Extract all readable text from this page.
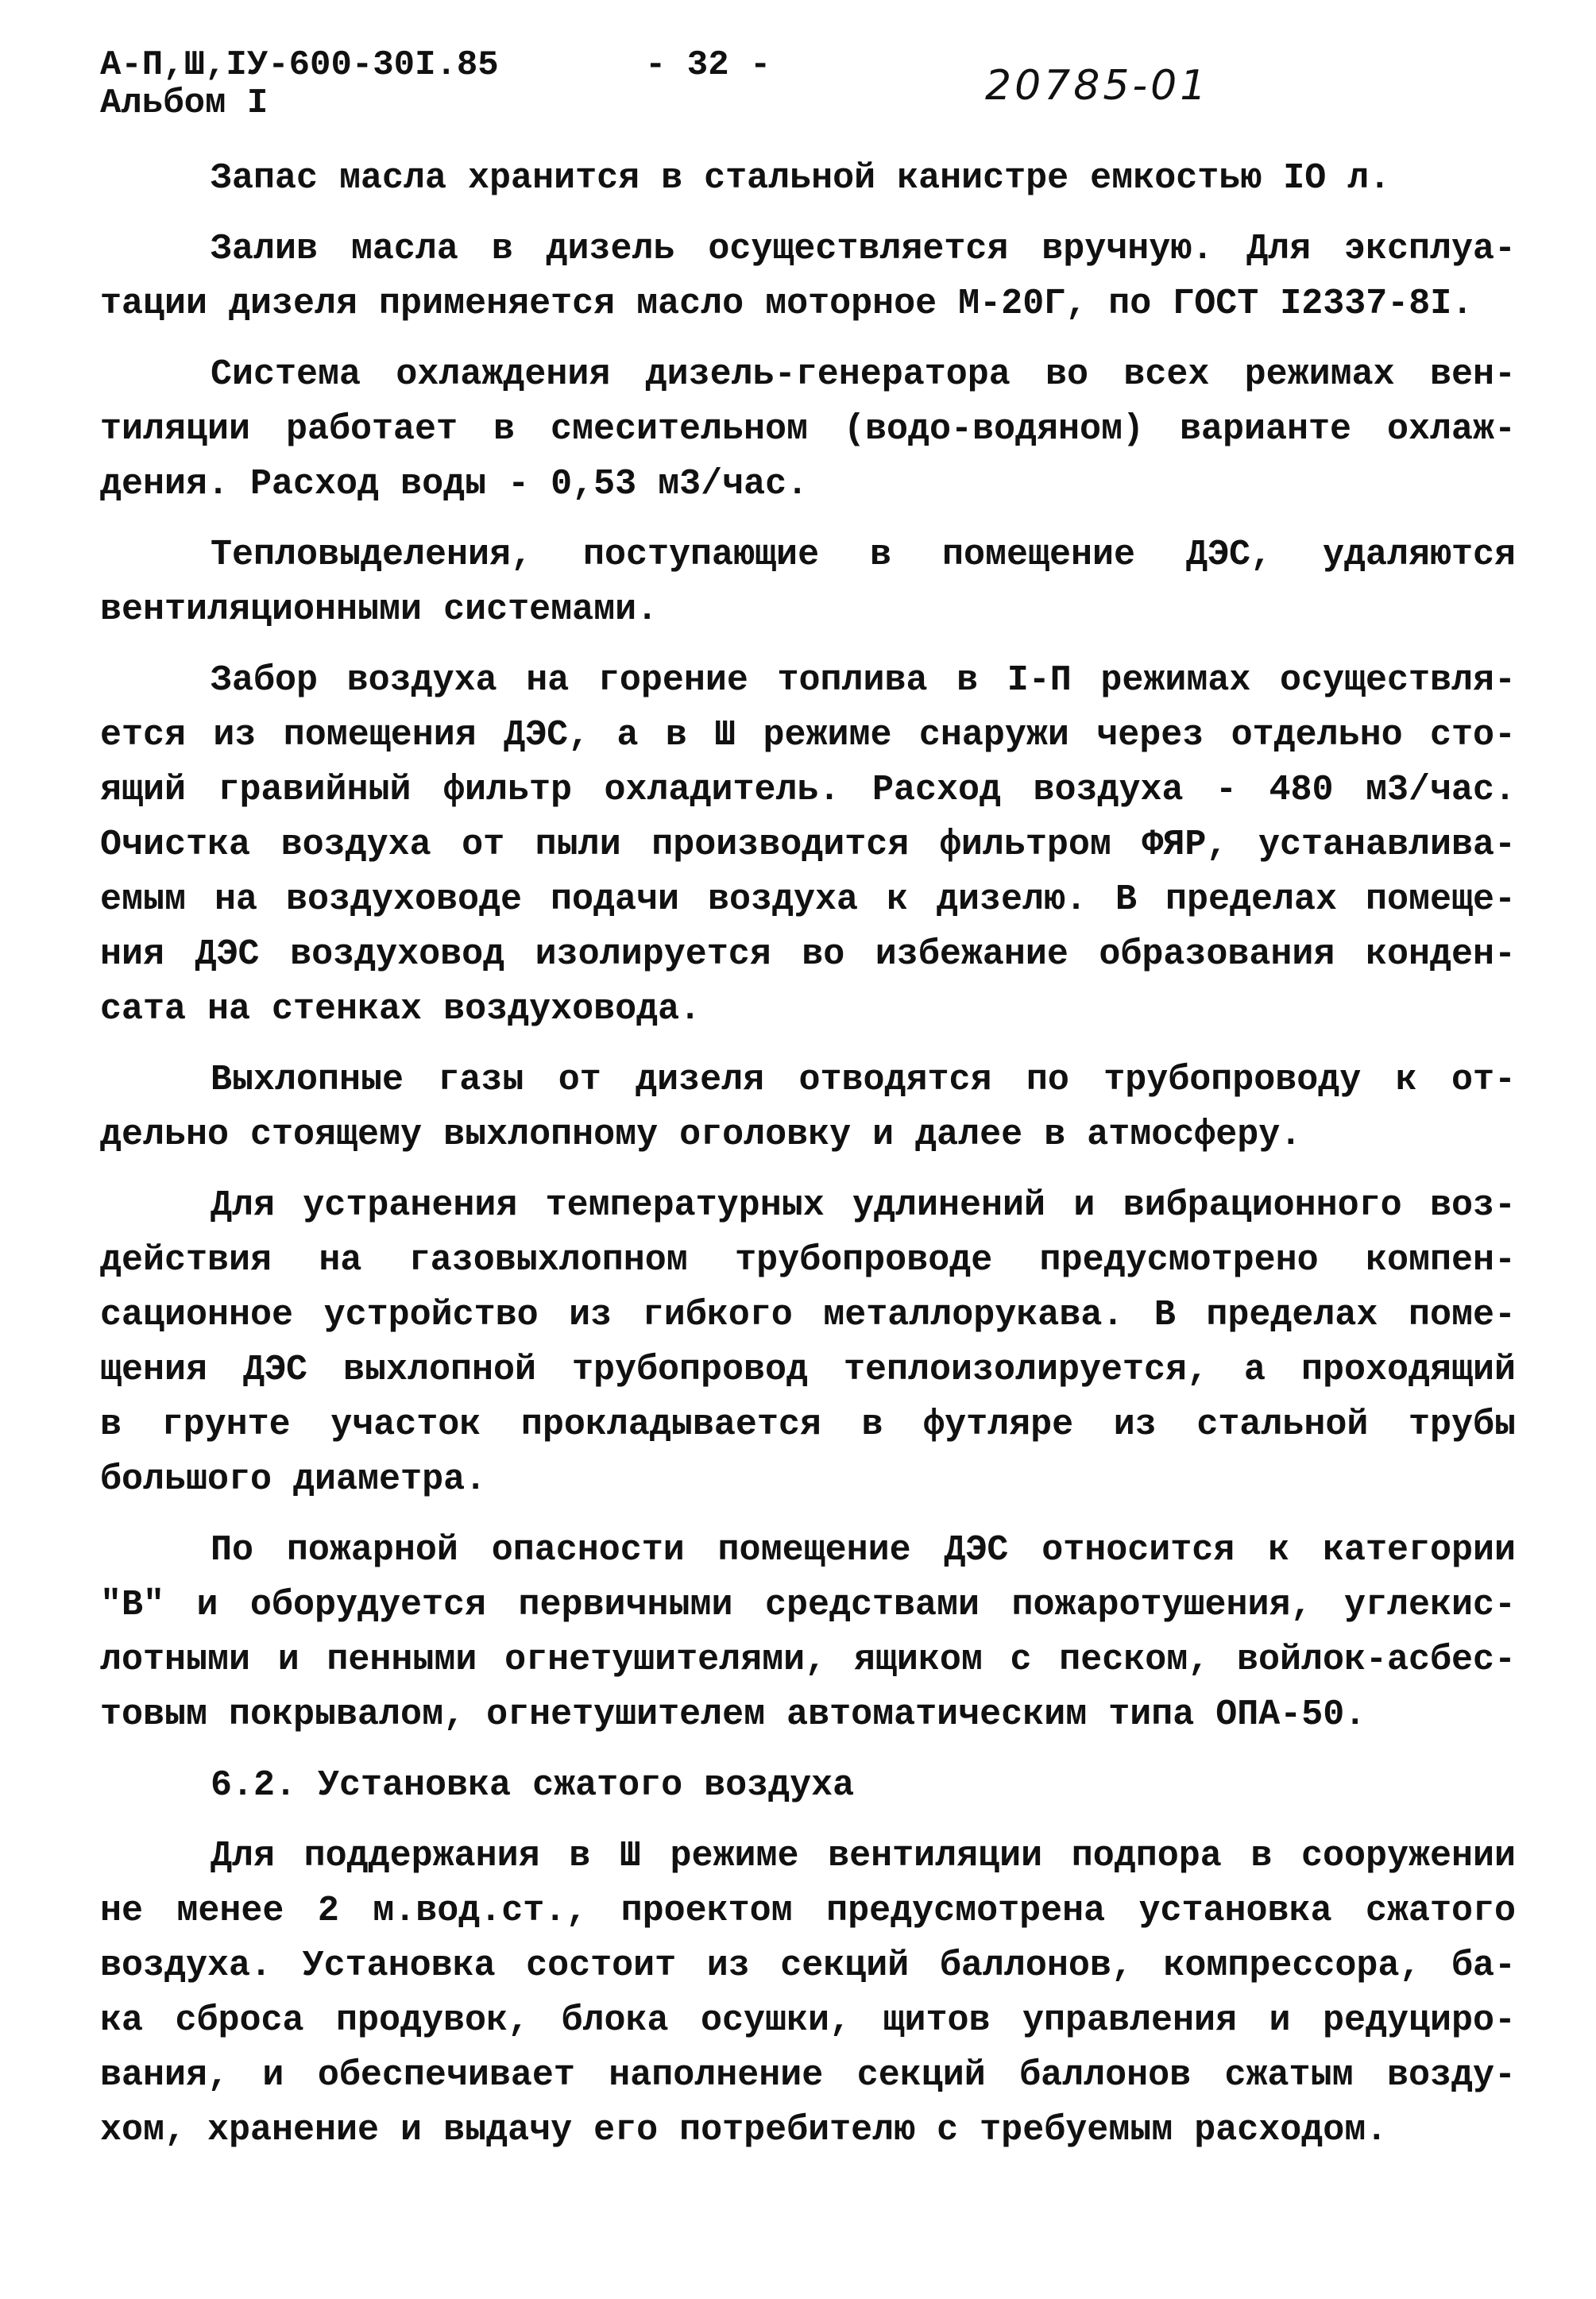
А-П,Ш,IУ-600-30I.85
Альбом I
- 32 -	20785-01
Запас масла хранится в стальной канистре емкостью IO л.
Залив масла в дизель осуществляется вручную. Для эксплуа-
тации дизеля применяется масло моторное М-20Г, по ГОСТ I2337-8I.
Система охлаждения дизель-генератора во всех режимах вен-
тиляции работает в смесительном (водо-водяном) варианте охлаж-
дения. Расход воды - 0,53 м3/час.
Тепловыделения, поступающие в помещение ДЭС, удаляются
вентиляционными системами.
Забор воздуха на горение топлива в I-П режимах осуществля-
ется из помещения ДЭС, а в Ш режиме снаружи через отдельно сто-
ящий гравийный фильтр охладитель. Расход воздуха - 480 м3/час.
Очистка воздуха от пыли производится фильтром ФЯР, устанавлива-
емым на воздуховоде подачи воздуха к дизелю. В пределах помеще-
ния ДЭС воздуховод изолируется во избежание образования конден-
сата на стенках воздуховода.
Выхлопные газы от дизеля отводятся по трубопроводу к от-
дельно стоящему выхлопному оголовку и далее в атмосферу.
Для устранения температурных удлинений и вибрационного воз-
действия на газовыхлопном трубопроводе предусмотрено компен-
сационное устройство из гибкого металлорукава. В пределах поме-
щения ДЭС выхлопной трубопровод теплоизолируется, а проходящий
в грунте участок прокладывается в футляре из стальной трубы
большого диаметра.
По пожарной опасности помещение ДЭС относится к категории
"В" и оборудуется первичными средствами пожаротушения, углекис-
лотными и пенными огнетушителями, ящиком с песком, войлок-асбес-
товым покрывалом, огнетушителем автоматическим типа ОПА-50.
6.2. Установка сжатого воздуха
Для поддержания в Ш режиме вентиляции подпора в сооружении
не менее 2 м.вод.ст., проектом предусмотрена установка сжатого
воздуха. Установка состоит из секций баллонов, компрессора, ба-
ка сброса продувок, блока осушки, щитов управления и редуциро-
вания, и обеспечивает наполнение секций баллонов сжатым возду-
хом, хранение и выдачу его потребителю с требуемым расходом.
